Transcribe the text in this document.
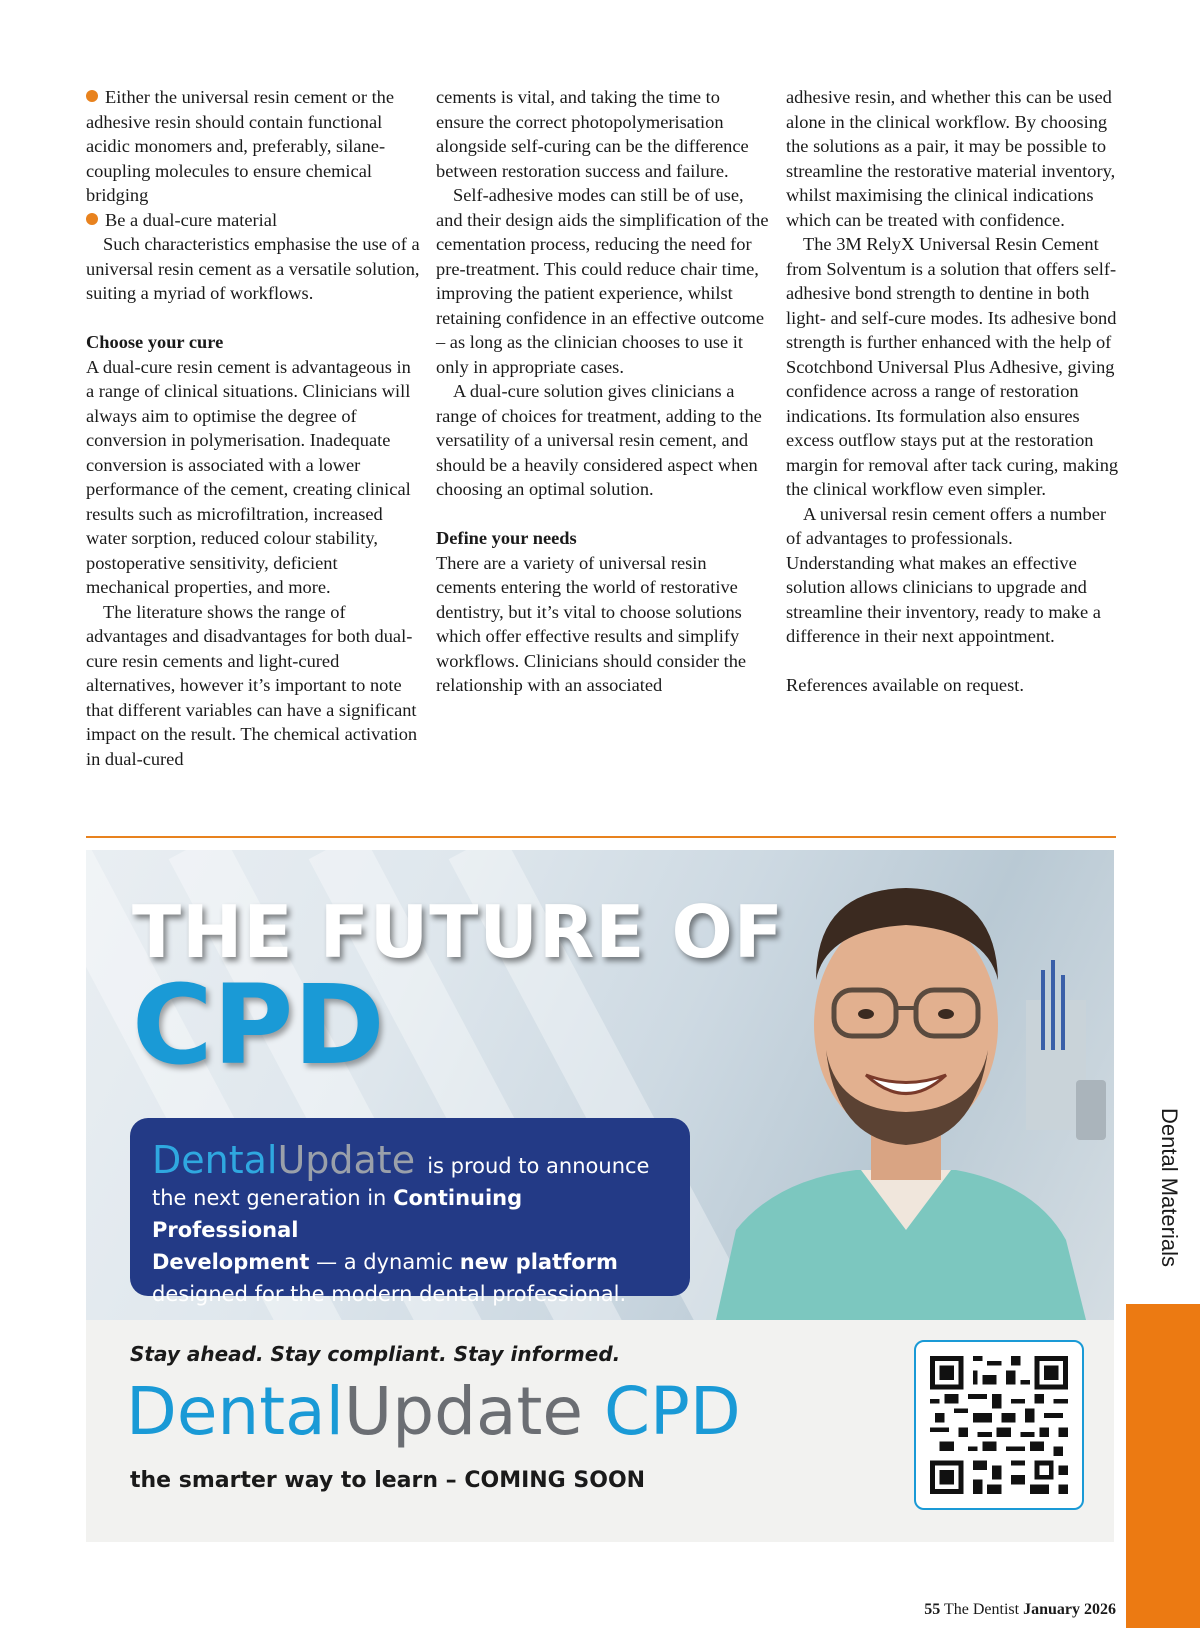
Either the universal resin cement or the adhesive resin should contain functional acidic monomers and, preferably, silane-coupling molecules to ensure chemical bridging

Be a dual-cure material

Such characteristics emphasise the use of a universal resin cement as a versatile solution, suiting a myriad of workflows.

Choose your cure

A dual-cure resin cement is advantageous in a range of clinical situations. Clinicians will always aim to optimise the degree of conversion in polymerisation. Inadequate conversion is associated with a lower performance of the cement, creating clinical results such as microfiltration, increased water sorption, reduced colour stability, postoperative sensitivity, deficient mechanical properties, and more.

The literature shows the range of advantages and disadvantages for both dual-cure resin cements and light-cured alternatives, however it’s important to note that different variables can have a significant impact on the result. The chemical activation in dual-cured

cements is vital, and taking the time to ensure the correct photopolymerisation alongside self-curing can be the difference between restoration success and failure.

Self-adhesive modes can still be of use, and their design aids the simplification of the cementation process, reducing the need for pre-treatment. This could reduce chair time, improving the patient experience, whilst retaining confidence in an effective outcome – as long as the clinician chooses to use it only in appropriate cases.

A dual-cure solution gives clinicians a range of choices for treatment, adding to the versatility of a universal resin cement, and should be a heavily considered aspect when choosing an optimal solution.

Define your needs

There are a variety of universal resin cements entering the world of restorative dentistry, but it’s vital to choose solutions which offer effective results and simplify workflows. Clinicians should consider the relationship with an associated

adhesive resin, and whether this can be used alone in the clinical workflow. By choosing the solutions as a pair, it may be possible to streamline the restorative material inventory, whilst maximising the clinical indications which can be treated with confidence.

The 3M RelyX Universal Resin Cement from Solventum is a solution that offers self-adhesive bond strength to dentine in both light- and self-cure modes. Its adhesive bond strength is further enhanced with the help of Scotchbond Universal Plus Adhesive, giving confidence across a range of restoration indications. Its formulation also ensures excess outflow stays put at the restoration margin for removal after tack curing, making the clinical workflow even simpler.

A universal resin cement offers a number of advantages to professionals. Understanding what makes an effective solution allows clinicians to upgrade and streamline their inventory, ready to make a difference in their next appointment.

References available on request.

THE FUTURE OF
CPD
DentalUpdate is proud to announce
the next generation in Continuing Professional
Development — a dynamic new platform
designed for the modern dental professional.
Stay ahead. Stay compliant. Stay informed.
DentalUpdate CPD
the smarter way to learn – COMING SOON
Dental Materials
55 The Dentist January 2026
